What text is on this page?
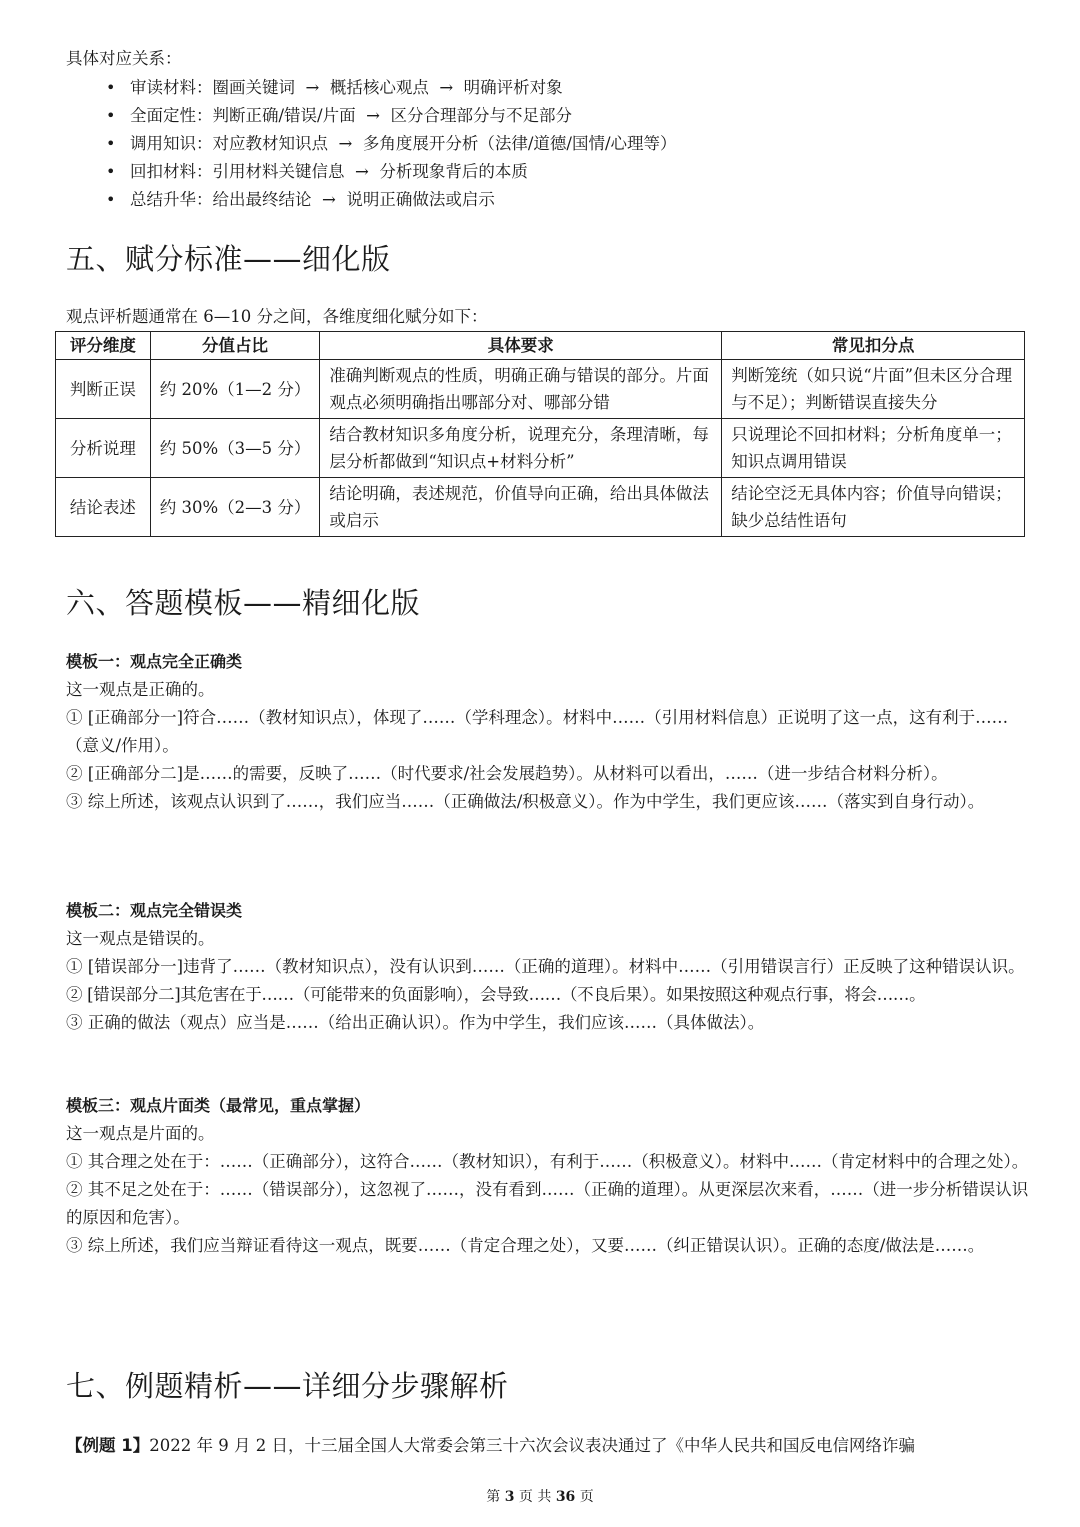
具体对应关系：
• 审读材料：圈画关键词 → 概括核心观点 → 明确评析对象
• 全面定性：判断正确/错误/片面 → 区分合理部分与不足部分
• 调用知识：对应教材知识点 → 多角度展开分析（法律/道德/国情/心理等）
• 回扣材料：引用材料关键信息 → 分析现象背后的本质
• 总结升华：给出最终结论 → 说明正确做法或启示
五、赋分标准——细化版
观点评析题通常在 6—10 分之间，各维度细化赋分如下：
评分维度	分值占比	具体要求	常见扣分点
判断正误	约 20%（1—2 分）	准确判断观点的性质，明确正确与错误的部分。片面观点必须明确指出哪部分对、哪部分错	判断笼统（如只说“片面”但未区分合理与不足）；判断错误直接失分
分析说理	约 50%（3—5 分）	结合教材知识多角度分析，说理充分，条理清晰，每层分析都做到“知识点+材料分析”	只说理论不回扣材料；分析角度单一；知识点调用错误
结论表述	约 30%（2—3 分）	结论明确，表述规范，价值导向正确，给出具体做法或启示	结论空泛无具体内容；价值导向错误；缺少总结性语句
六、答题模板——精细化版
模板一：观点完全正确类

这一观点是正确的。

① [正确部分一]符合……（教材知识点），体现了……（学科理念）。材料中……（引用材料信息）正说明了这一点，这有利于……（意义/作用）。

② [正确部分二]是……的需要，反映了……（时代要求/社会发展趋势）。从材料可以看出，……（进一步结合材料分析）。

③ 综上所述，该观点认识到了……，我们应当……（正确做法/积极意义）。作为中学生，我们更应该……（落实到自身行动）。

模板二：观点完全错误类

这一观点是错误的。

① [错误部分一]违背了……（教材知识点），没有认识到……（正确的道理）。材料中……（引用错误言行）正反映了这种错误认识。

② [错误部分二]其危害在于……（可能带来的负面影响），会导致……（不良后果）。如果按照这种观点行事，将会……。

③ 正确的做法（观点）应当是……（给出正确认识）。作为中学生，我们应该……（具体做法）。

模板三：观点片面类（最常见，重点掌握）

这一观点是片面的。

① 其合理之处在于：……（正确部分），这符合……（教材知识），有利于……（积极意义）。材料中……（肯定材料中的合理之处）。

② 其不足之处在于：……（错误部分），这忽视了……，没有看到……（正确的道理）。从更深层次来看，……（进一步分析错误认识的原因和危害）。

③ 综上所述，我们应当辩证看待这一观点，既要……（肯定合理之处），又要……（纠正错误认识）。正确的态度/做法是……。

七、例题精析——详细分步骤解析
【例题 1】2022 年 9 月 2 日，十三届全国人大常委会第三十六次会议表决通过了《中华人民共和国反电信网络诈骗
第 3 页 共 36 页
